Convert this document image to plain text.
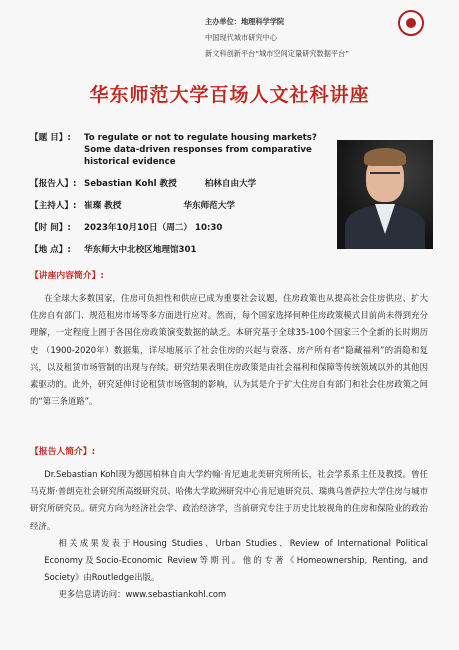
主办单位：地理科学学院
中国现代城市研究中心
新文科创新平台“城市空间定量研究数据平台”
华东师范大学百场人文社科讲座
【题 目】:	To regulate or not to regulate housing markets? Some data-driven responses from comparative historical evidence
【报告人】: Sebastian Kohl 教授	柏林自由大学
【主持人】: 崔璨 教授	华东师范大学
【时 间】:	2023年10月10日（周二） 10:30
【地 点】:	华东师大中北校区地理馆301
【讲座内容简介】:

在全球大多数国家，住房可负担性和供应已成为重要社会议题，住房政策也从提高社会住房供应、扩大住房自有部门、规范租房市场等多方面进行应对。然而，每个国家选择何种住房政策模式目前尚未得到充分理解，一定程度上囿于各国住房政策演变数据的缺乏。本研究基于全球35-100个国家三个全新的长时期历史 （1900-2020年）数据集，详尽地展示了社会住房的兴起与衰落、房产所有者“隐藏福利”的消隐和复兴，以及租赁市场管制的出现与存续。研究结果表明住房政策是由社会福利和保障等传统领域以外的其他因素驱动的。此外，研究延伸讨论租赁市场管制的影响，认为其是介于扩大住房自有部门和社会住房政策之间的“第三条道路”。

【报告人简介】:

Dr.Sebastian Kohl现为德国柏林自由大学约翰·肯尼迪北美研究所所长，社会学系系主任及教授。曾任马克斯·普朗克社会研究所高级研究员、哈佛大学欧洲研究中心肯尼迪研究员、瑞典乌普萨拉大学住房与城市研究所研究员。研究方向为经济社会学、政治经济学，当前研究专注于历史比较视角的住房和保险业的政治经济。

相关成果发表于Housing Studies、Urban Studies、Review of International Political Economy及Socio-Economic Review等期刊。他的专著《Homeownership, Renting, and Society》由Routledge出版。

更多信息请访问：www.sebastiankohl.com
